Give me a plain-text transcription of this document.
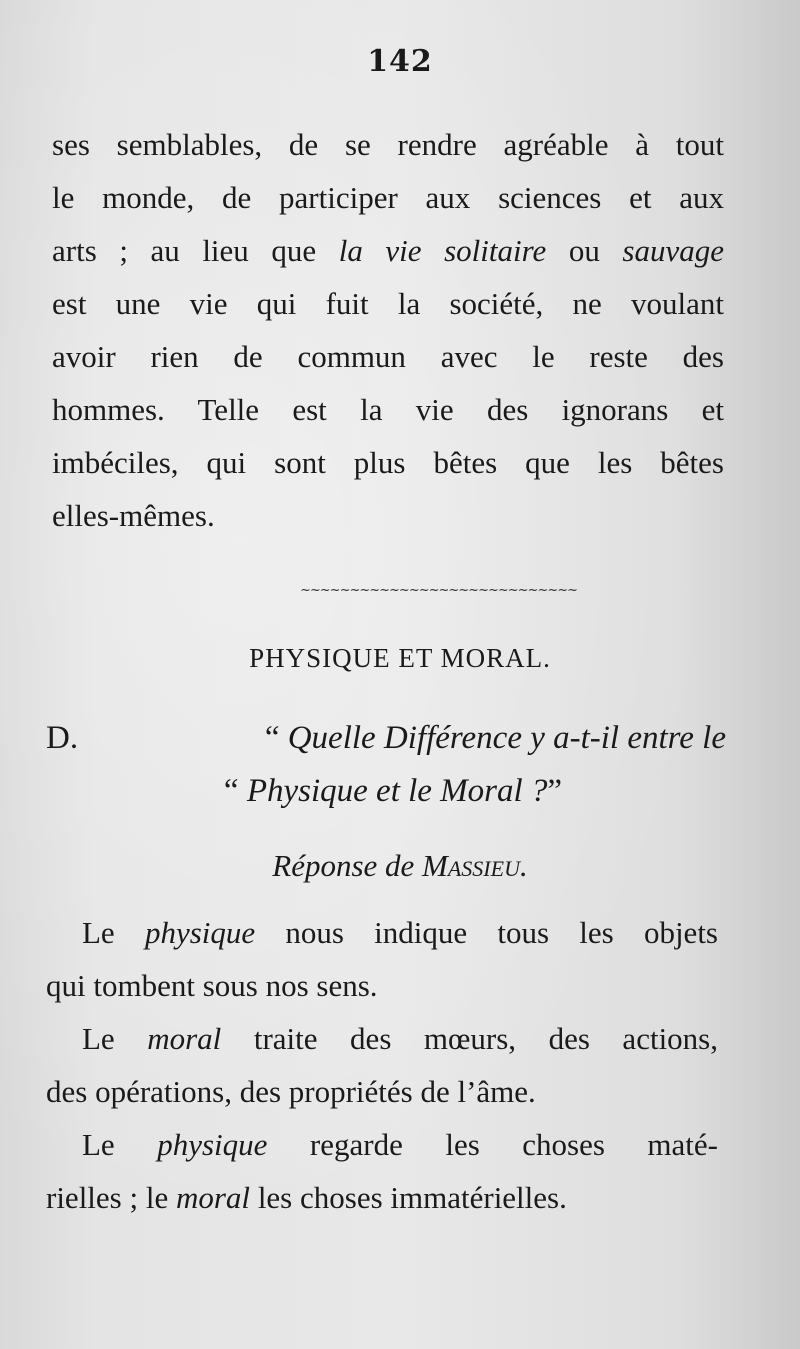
142
ses semblables, de se rendre agréable à tout
le monde, de participer aux sciences et aux
arts ; au lieu que la vie solitaire ou sauvage
est une vie qui fuit la société, ne voulant
avoir rien de commun avec le reste des
hommes. Telle est la vie des ignorans et
imbéciles, qui sont plus bêtes que les bêtes
elles-mêmes.
~~~~~~~~~~~~~~~~~~~~~~~~~~~~
PHYSIQUE ET MORAL.
D.	“ Quelle Différence y a-t-il entre le
“ Physique et le Moral ?”
Réponse de Massieu.
Le physique nous indique tous les objets
qui tombent sous nos sens.
Le moral traite des mœurs, des actions,
des opérations, des propriétés de l’âme.
Le physique regarde les choses maté-
rielles ; le moral les choses immatérielles.
